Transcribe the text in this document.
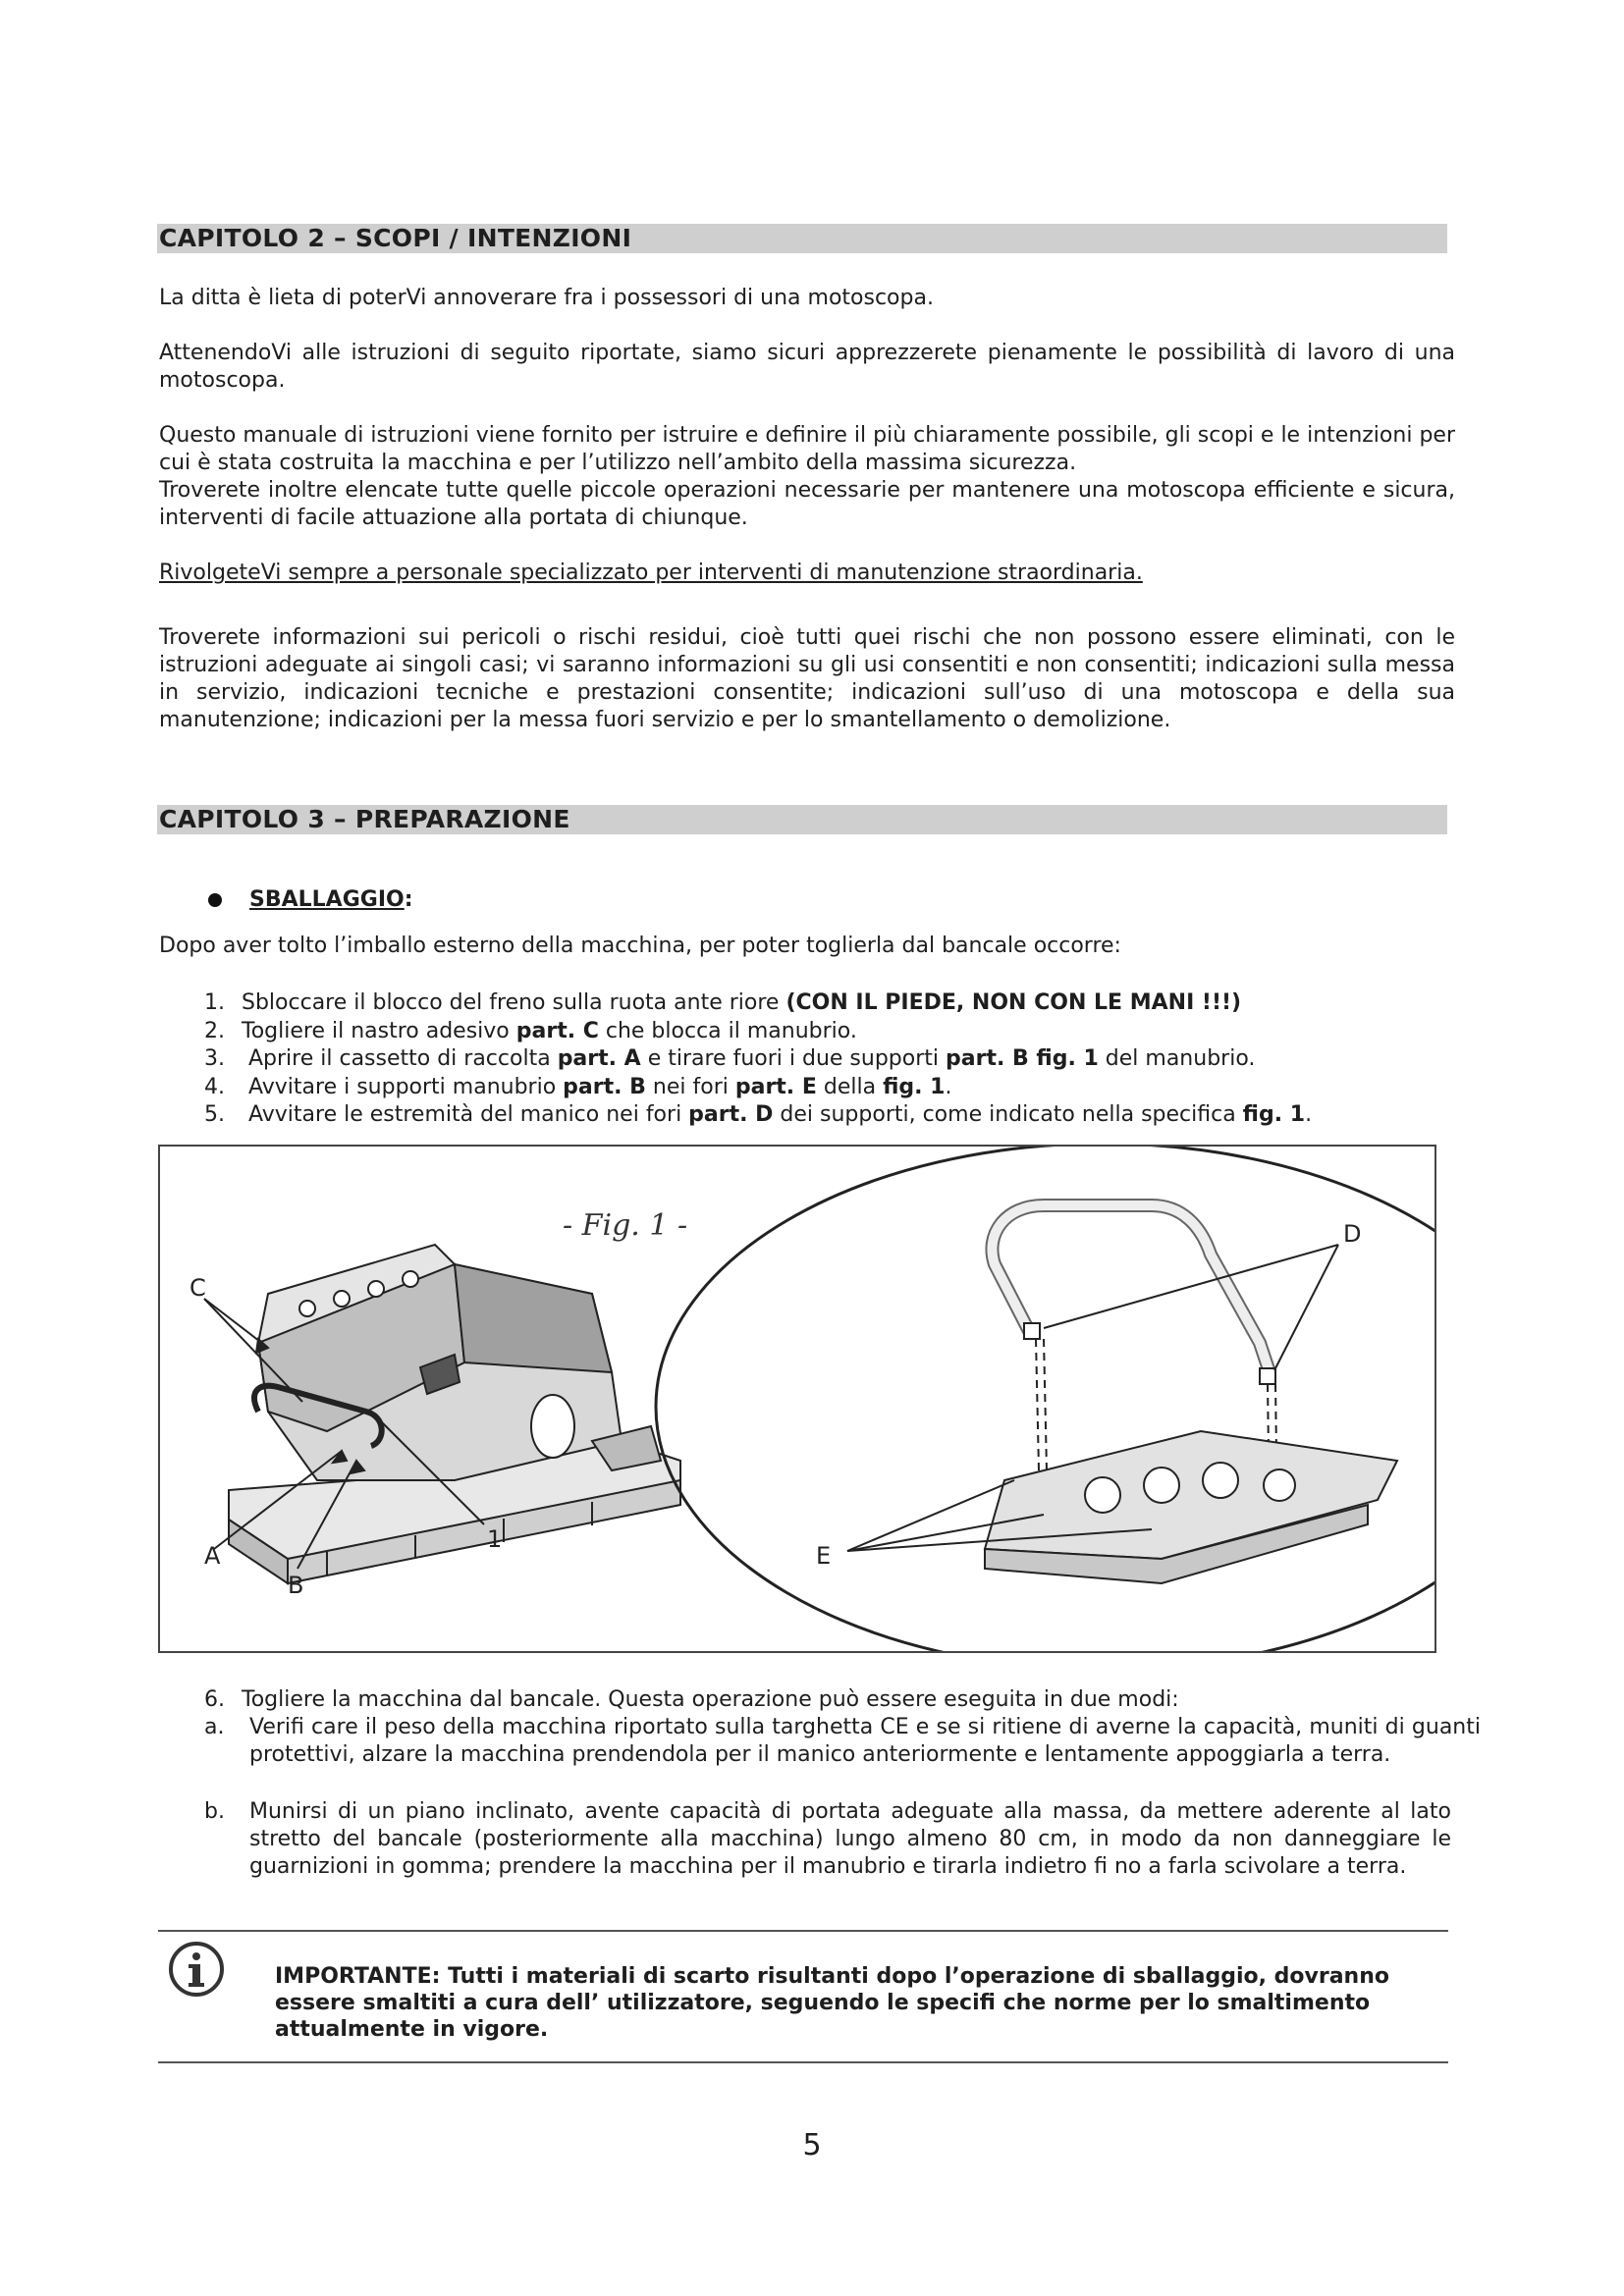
CAPITOLO 2 – SCOPI / INTENZIONI

La ditta è lieta di poterVi annoverare fra i possessori di una motoscopa.

AttenendoVi alle istruzioni di seguito riportate, siamo sicuri apprezzerete pienamente le possibilità di lavoro di una motoscopa.

Questo manuale di istruzioni viene fornito per istruire e definire il più chiaramente possibile, gli scopi e le intenzioni per cui è stata costruita la macchina e per l’utilizzo nell’ambito della massima sicurezza.

Troverete inoltre elencate tutte quelle piccole operazioni necessarie per mantenere una motoscopa efficiente e sicura, interventi di facile attuazione alla portata di chiunque.

RivolgeteVi sempre a personale specializzato per interventi di manutenzione straordinaria.

Troverete informazioni sui pericoli o rischi residui, cioè tutti quei rischi che non possono essere eliminati, con le istruzioni adeguate ai singoli casi; vi saranno informazioni su gli usi consentiti e non consentiti; indicazioni sulla messa in servizio, indicazioni tecniche e prestazioni consentite; indicazioni sull’uso di una motoscopa e della sua manutenzione; indicazioni per la messa fuori servizio e per lo smantellamento o demolizione.

CAPITOLO 3 – PREPARAZIONE
SBALLAGGIO:

Dopo aver tolto l’imballo esterno della macchina, per poter toglierla dal bancale occorre:

1. Sbloccare il blocco del freno sulla ruota ante riore (CON IL PIEDE, NON CON LE MANI !!!)
2. Togliere il nastro adesivo part. C che blocca il manubrio.
3. Aprire il cassetto di raccolta part. A e tirare fuori i due supporti part. B fig. 1 del manubrio.
4. Avvitare i supporti manubrio part. B nei fori part. E della fig. 1.
5. Avvitare le estremità del manico nei fori part. D dei supporti, come indicato nella specifica fig. 1.
- Fig. 1 -
C
A
B
1
D
E
6. Togliere la macchina dal bancale. Questa operazione può essere eseguita in due modi:
a. Verifi care il peso della macchina riportato sulla targhetta CE e se si ritiene di averne la capacità, muniti di guanti protettivi, alzare la macchina prendendola per il manico anteriormente e lentamente appoggiarla a terra.
b. Munirsi di un piano inclinato, avente capacità di portata adeguate alla massa, da mettere aderente al lato stretto del bancale (posteriormente alla macchina) lungo almeno 80 cm, in modo da non danneggiare le guarnizioni in gomma; prendere la macchina per il manubrio e tirarla indietro fi no a farla scivolare a terra.
IMPORTANTE: Tutti i materiali di scarto risultanti dopo l’operazione di sballaggio, dovranno essere smaltiti a cura dell’ utilizzatore, seguendo le specifi che norme per lo smaltimento attualmente in vigore.
5
